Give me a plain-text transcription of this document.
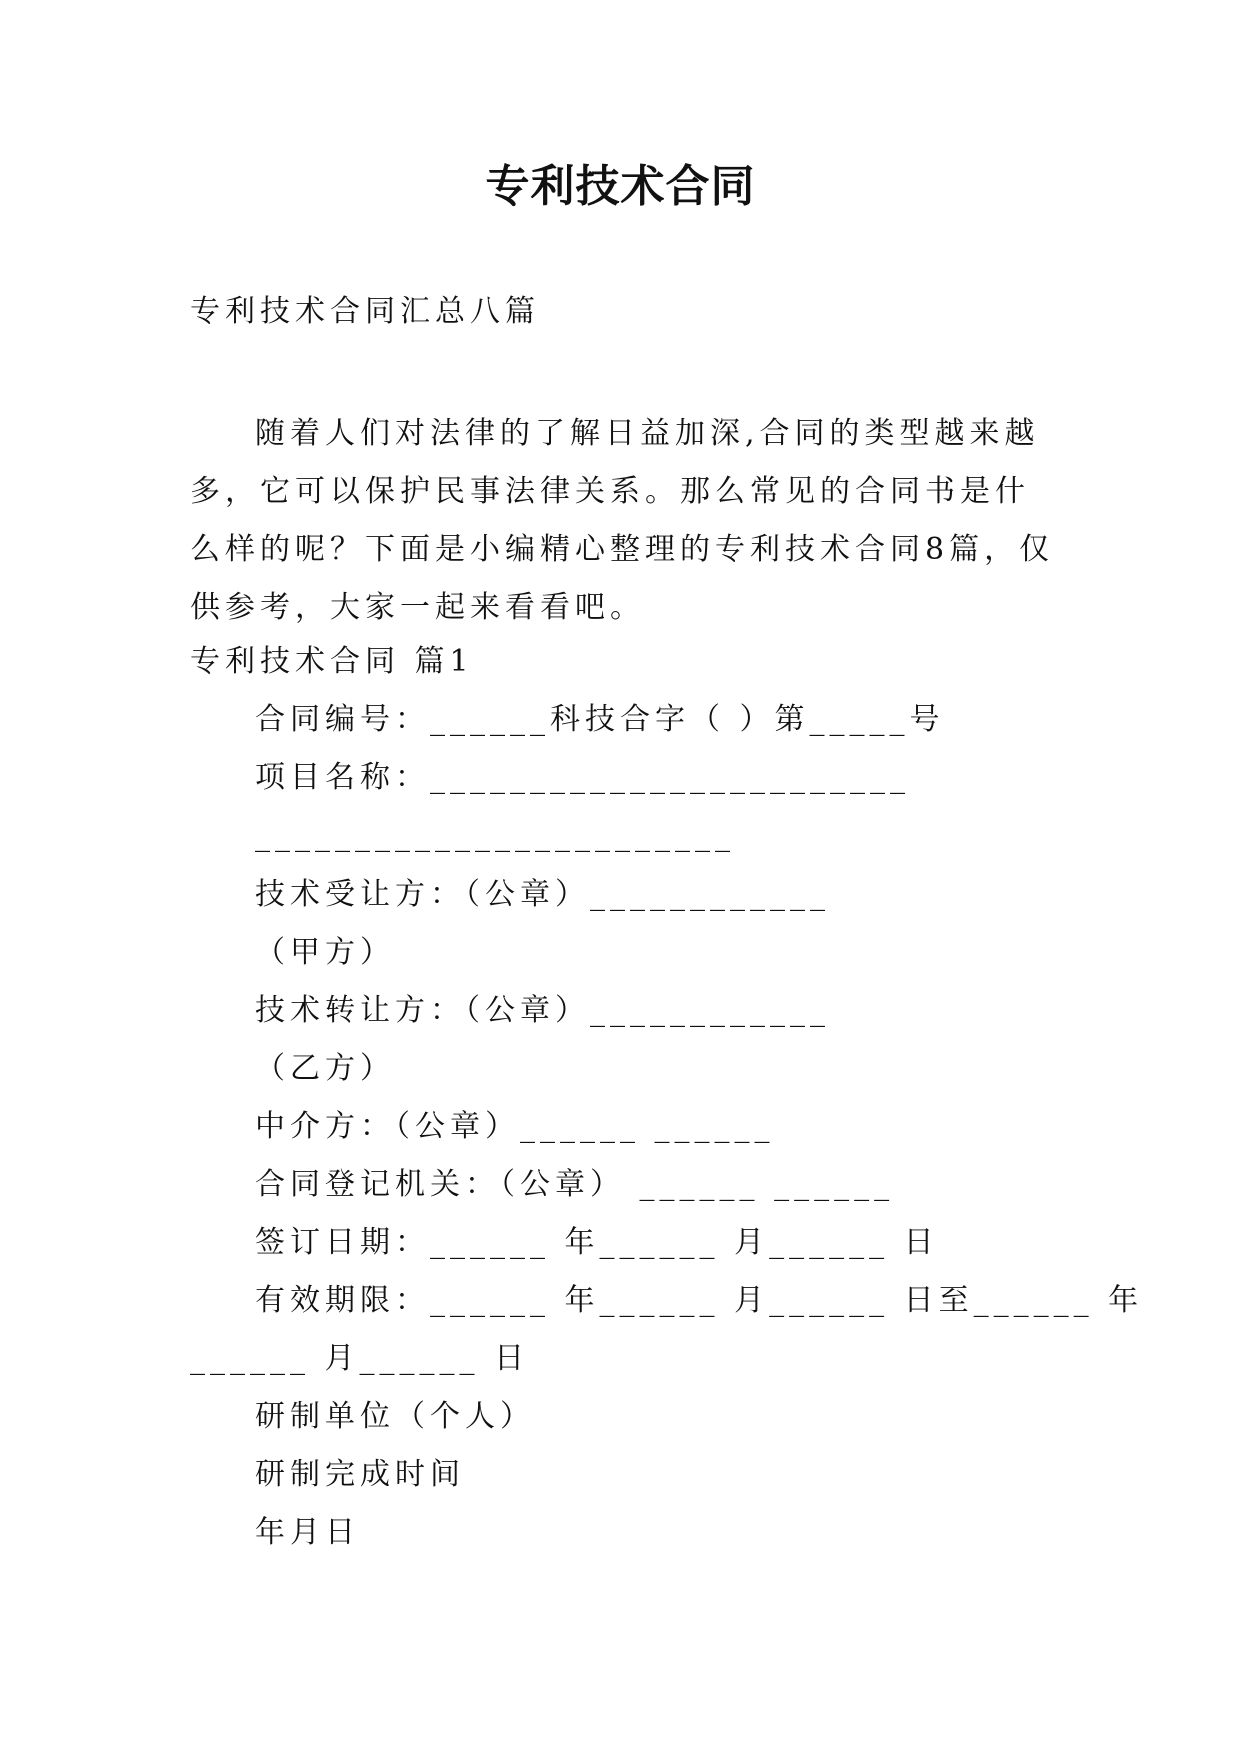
专利技术合同

专利技术合同汇总八篇

随着人们对法律的了解日益加深,合同的类型越来越多，它可以保护民事法律关系。那么常见的合同书是什么样的呢？下面是小编精心整理的专利技术合同8篇，仅供参考，大家一起来看看吧。

专利技术合同 篇1

合同编号：______科技合字（ ）第_____号

项目名称：________________________

________________________

技术受让方：（公章）____________

（甲方）

技术转让方：（公章）____________

（乙方）

中介方：（公章）______ ______

合同登记机关：（公章） ______ ______

签订日期：______ 年______ 月______ 日

有效期限：______ 年______ 月______ 日至______ 年

______ 月______ 日

研制单位（个人）

研制完成时间

年月日
